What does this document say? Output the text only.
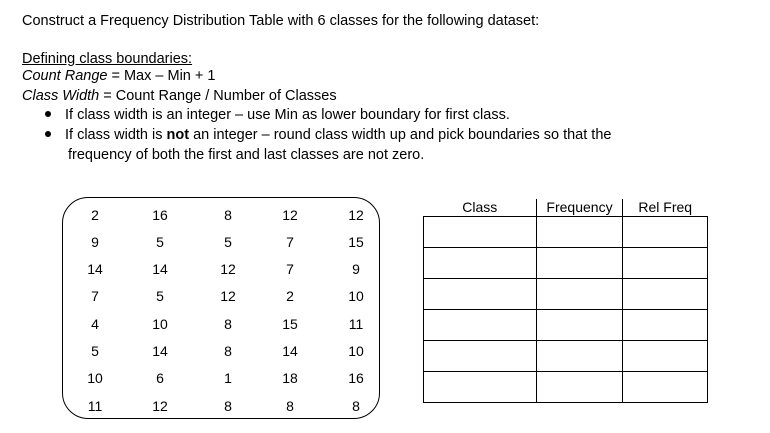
Construct a Frequency Distribution Table with 6 classes for the following dataset:
Defining class boundaries:
Count Range = Max – Min + 1
Class Width = Count Range / Number of Classes
If class width is an integer – use Min as lower boundary for first class.
If class width is not an integer – round class width up and pick boundaries so that the
frequency of both the first and last classes are not zero.
2	16	8	12	12
9	5	5	7	15
14	14	12	7	9
7	5	12	2	10
4	10	8	15	11
5	14	8	14	10
10	6	1	18	16
11	12	8	8	8
Class	Frequency	Rel Freq
